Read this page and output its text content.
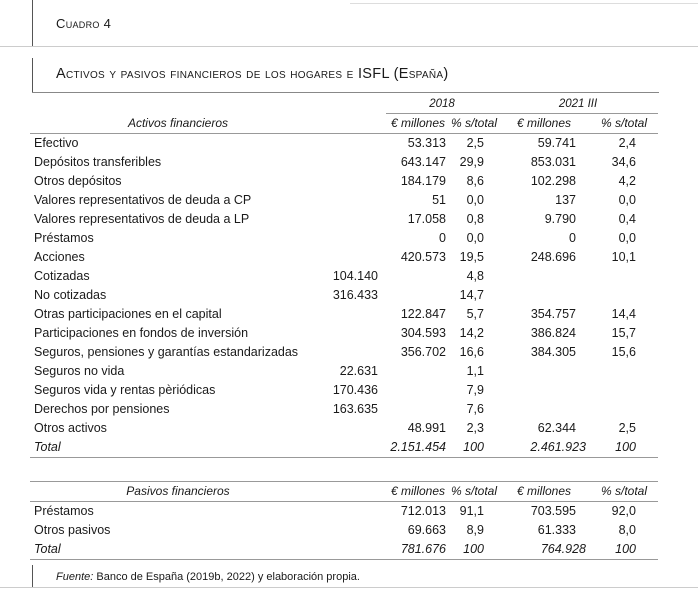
Cuadro 4
Activos y pasivos financieros de los hogares e ISFL (España)
		2018		2021 III	
Activos financieros		€ millones	% s/total	€ millones	% s/total
Efectivo		53.313	2,5	59.741	2,4
Depósitos transferibles		643.147	29,9	853.031	34,6
Otros depósitos		184.179	8,6	102.298	4,2
Valores representativos de deuda a CP		51	0,0	137	0,0
Valores representativos de deuda a LP		17.058	0,8	9.790	0,4
Préstamos		0	0,0	0	0,0
Acciones		420.573	19,5	248.696	10,1
Cotizadas	104.140		4,8		
No cotizadas	316.433		14,7		
Otras participaciones en el capital		122.847	5,7	354.757	14,4
Participaciones en fondos de inversión		304.593	14,2	386.824	15,7
Seguros, pensiones y garantías estandarizadas		356.702	16,6	384.305	15,6
Seguros no vida	22.631		1,1		
Seguros vida y rentas pèriódicas	170.436		7,9		
Derechos por pensiones	163.635		7,6		
Otros activos		48.991	2,3	62.344	2,5
Total		2.151.454	100	2.461.923	100
Pasivos financieros		€ millones	% s/total	€ millones	% s/total
Préstamos		712.013	91,1	703.595	92,0
Otros pasivos		69.663	8,9	61.333	8,0
Total		781.676	100	764.928	100
Fuente: Banco de España (2019b, 2022) y elaboración propia.
